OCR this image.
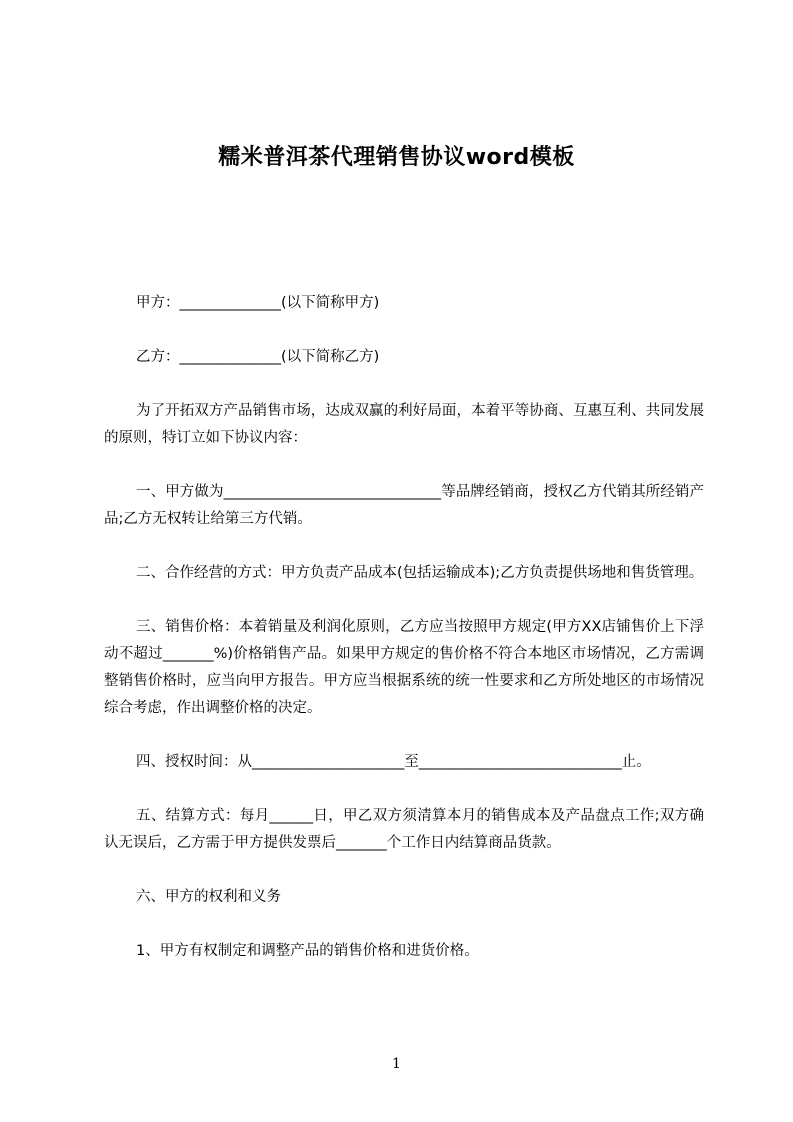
糯米普洱茶代理销售协议word模板

甲方：______________(以下简称甲方)

乙方：______________(以下简称乙方)

为了开拓双方产品销售市场，达成双赢的利好局面，本着平等协商、互惠互利、共同发展的原则，特订立如下协议内容：

一、甲方做为______________________________等品牌经销商，授权乙方代销其所经销产品;乙方无权转让给第三方代销。

二、合作经营的方式：甲方负责产品成本(包括运输成本);乙方负责提供场地和售货管理。

三、销售价格：本着销量及利润化原则，乙方应当按照甲方规定(甲方XX店铺售价上下浮动不超过_______%)价格销售产品。如果甲方规定的售价格不符合本地区市场情况，乙方需调整销售价格时，应当向甲方报告。甲方应当根据系统的统一性要求和乙方所处地区的市场情况综合考虑，作出调整价格的决定。

四、授权时间：从_____________________至____________________________止。

五、结算方式：每月______日，甲乙双方须清算本月的销售成本及产品盘点工作;双方确认无误后，乙方需于甲方提供发票后_______个工作日内结算商品货款。

六、甲方的权利和义务

1、甲方有权制定和调整产品的销售价格和进货价格。

1
